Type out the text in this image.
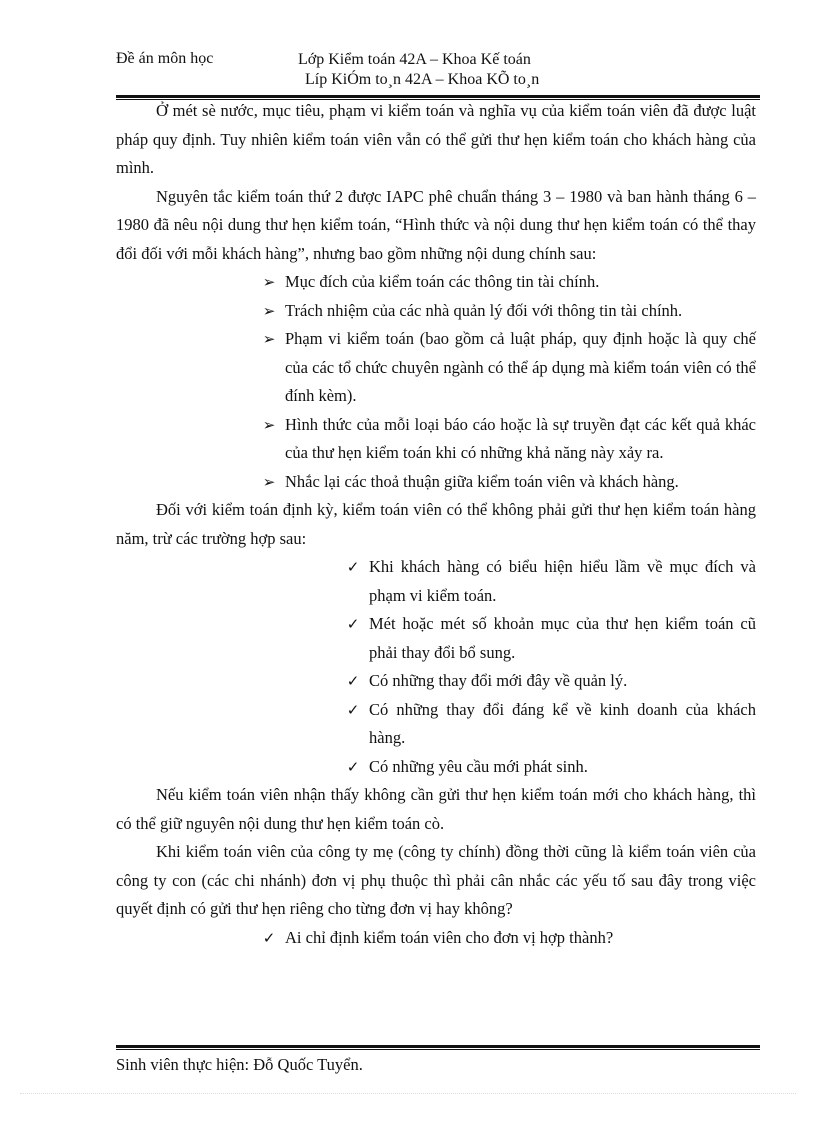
Đề án môn học	Lớp Kiểm toán 42A – Khoa Kế toán
Líp KiÓm to¸n 42A – Khoa KÕ to¸n

Ở mét sè nước, mục tiêu, phạm vi kiểm toán và nghĩa vụ của kiểm toán viên đã được luật pháp quy định. Tuy nhiên kiểm toán viên vẫn có thể gửi thư hẹn kiểm toán cho khách hàng của mình.

Nguyên tắc kiểm toán thứ 2 được IAPC phê chuẩn tháng 3 – 1980 và ban hành tháng 6 –1980 đã nêu nội dung thư hẹn kiểm toán, “Hình thức và nội dung thư hẹn kiểm toán có thể thay đổi đối với mỗi khách hàng”, nhưng bao gồm những nội dung chính sau:

➢ Mục đích của kiểm toán các thông tin tài chính.
➢ Trách nhiệm của các nhà quản lý đối với thông tin tài chính.
➢ Phạm vi kiểm toán (bao gồm cả luật pháp, quy định hoặc là quy chế của các tổ chức chuyên ngành có thể áp dụng mà kiểm toán viên có thể đính kèm).
➢ Hình thức của mỗi loại báo cáo hoặc là sự truyền đạt các kết quả khác của thư hẹn kiểm toán khi có những khả năng này xảy ra.
➢ Nhắc lại các thoả thuận giữa kiểm toán viên và khách hàng.

Đối với kiểm toán định kỳ, kiểm toán viên có thể không phải gửi thư hẹn kiểm toán hàng năm, trừ các trường hợp sau:

✓ Khi khách hàng có biểu hiện hiểu lầm về mục đích và phạm vi kiểm toán.
✓ Mét hoặc mét số khoản mục của thư hẹn kiểm toán cũ phải thay đổi bổ sung.
✓ Có những thay đổi mới đây về quản lý.
✓ Có những thay đổi đáng kể về kinh doanh của khách hàng.
✓ Có những yêu cầu mới phát sinh.

Nếu kiểm toán viên nhận thấy không cần gửi thư hẹn kiểm toán mới cho khách hàng, thì có thể giữ nguyên nội dung thư hẹn kiểm toán cò.

Khi kiểm toán viên của công ty mẹ (công ty chính) đồng thời cũng là kiểm toán viên của công ty con (các chi nhánh) đơn vị phụ thuộc thì phải cân nhắc các yếu tố sau đây trong việc quyết định có gửi thư hẹn riêng cho từng đơn vị hay không?

✓ Ai chỉ định kiểm toán viên cho đơn vị hợp thành?
Sinh viên thực hiện: Đỗ Quốc Tuyển.
